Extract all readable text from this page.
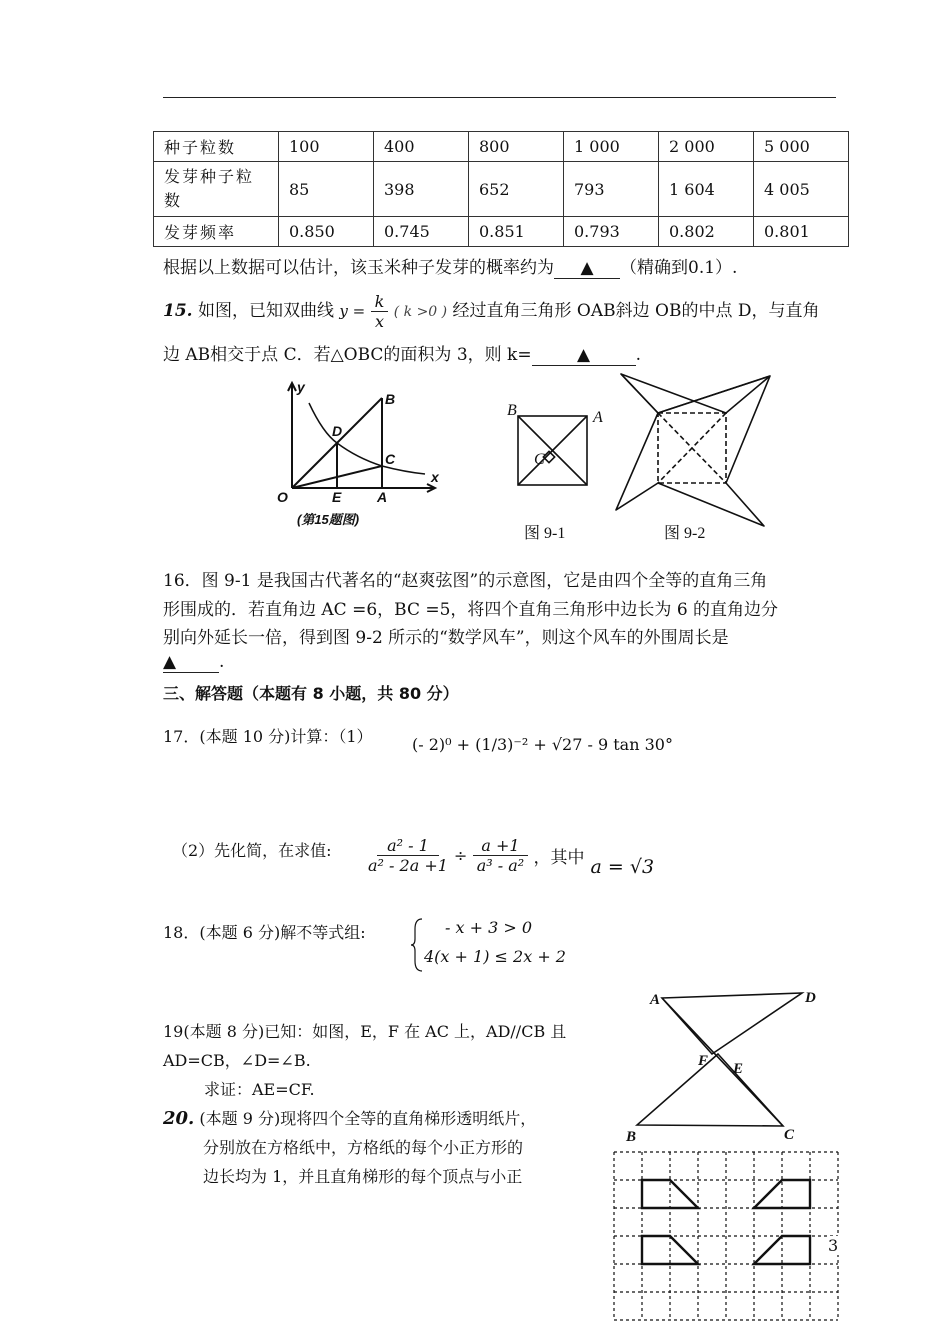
种子粒数	100	400	800	1 000	2 000	5 000
发芽种子粒数	85	398	652	793	1 604	4 005
发芽频率	0.850	0.745	0.851	0.793	0.802	0.801
根据以上数据可以估计，该玉米种子发芽的概率约为 ▲ （精确到0.1）.
15. 如图，已知双曲线 $y = \frac{k}{x}$ ( k >0 ) 经过直角三角形 OAB斜边 OB的中点 D，与直角
边 AB相交于点 C．若△OBC的面积为 3，则 k=	▲	.
y
x
O	E	A
B
C
D
(第15题图)
B	A
C
图 9-1	图 9-2
16．图 9-1 是我国古代著名的“赵爽弦图”的示意图，它是由四个全等的直角三角
形围成的．若直角边 AC =6，BC =5，将四个直角三角形中边长为 6 的直角边分
别向外延长一倍，得到图 9-2 所示的“数学风车”，则这个风车的外围周长是
▲	.
三、解答题（本题有 8 小题，共 80 分）
17．(本题 10 分)计算：（1） (- 2)⁰ + (1/3)⁻² + √27 - 9 tan 30°
（2）先化简，在求值: $\frac{\text{a² - 1}}{\text{a² - 2a +1}} \div \frac{a +1}{\text{a³ - a²}}$ ，其中 a = √3
18．(本题 6 分)解不等式组:	- x + 3 > 0
4(x + 1) ≤ 2x + 2
A	D
F E
B	C
19(本题 8 分)已知：如图，E，F 在 AC 上，AD//CB 且
AD=CB，∠D=∠B.
求证：AE=CF.
20. (本题 9 分)现将四个全等的直角梯形透明纸片，
分别放在方格纸中，方格纸的每个小正方形的
边长均为 1，并且直角梯形的每个顶点与小正
3
